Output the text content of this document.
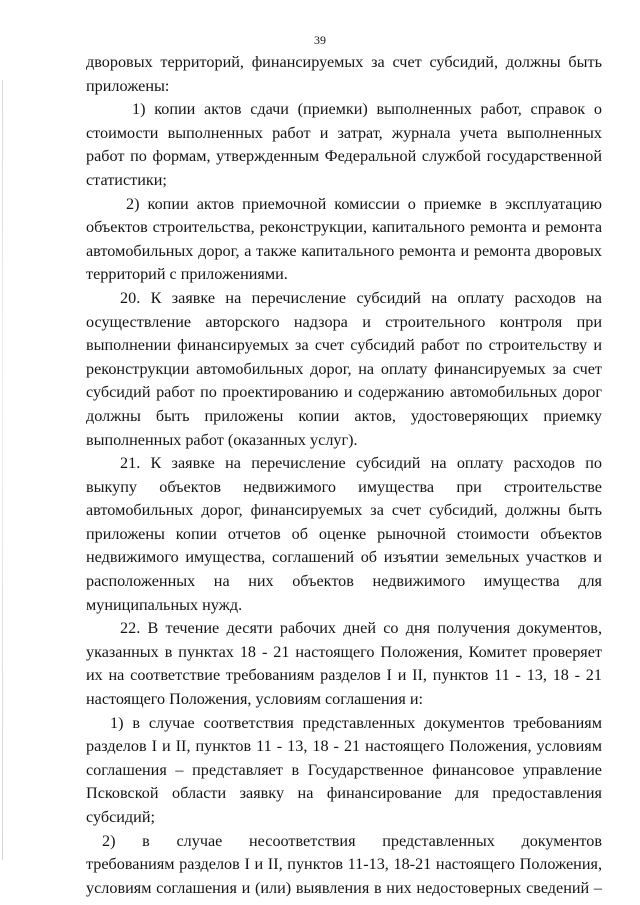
39
дворовых территорий, финансируемых за счет субсидий, должны быть
приложены:
1) копии актов сдачи (приемки) выполненных работ, справок о
стоимости выполненных работ и затрат, журнала учета выполненных
работ по формам, утвержденным Федеральной службой государственной
статистики;
2) копии актов приемочной комиссии о приемке в эксплуатацию
объектов строительства, реконструкции, капитального ремонта и ремонта
автомобильных дорог, а также капитального ремонта и ремонта дворовых
территорий с приложениями.
20. К заявке на перечисление субсидий на оплату расходов на
осуществление авторского надзора и строительного контроля при
выполнении финансируемых за счет субсидий работ по строительству и
реконструкции автомобильных дорог, на оплату финансируемых за счет
субсидий работ по проектированию и содержанию автомобильных дорог
должны быть приложены копии актов, удостоверяющих приемку
выполненных работ (оказанных услуг).
21. К заявке на перечисление субсидий на оплату расходов по
выкупу объектов недвижимого имущества при строительстве
автомобильных дорог, финансируемых за счет субсидий, должны быть
приложены копии отчетов об оценке рыночной стоимости объектов
недвижимого имущества, соглашений об изъятии земельных участков и
расположенных на них объектов недвижимого имущества для
муниципальных нужд.
22. В течение десяти рабочих дней со дня получения документов,
указанных в пунктах 18 - 21 настоящего Положения, Комитет проверяет
их на соответствие требованиям разделов I и II, пунктов 11 - 13, 18 - 21
настоящего Положения, условиям соглашения и:
1) в случае соответствия представленных документов требованиям
разделов I и II, пунктов 11 - 13, 18 - 21 настоящего Положения, условиям
соглашения – представляет в Государственное финансовое управление
Псковской области заявку на финансирование для предоставления
субсидий;
2) в случае несоответствия представленных документов
требованиям разделов I и II, пунктов 11-13, 18-21 настоящего Положения,
условиям соглашения и (или) выявления в них недостоверных сведений –
